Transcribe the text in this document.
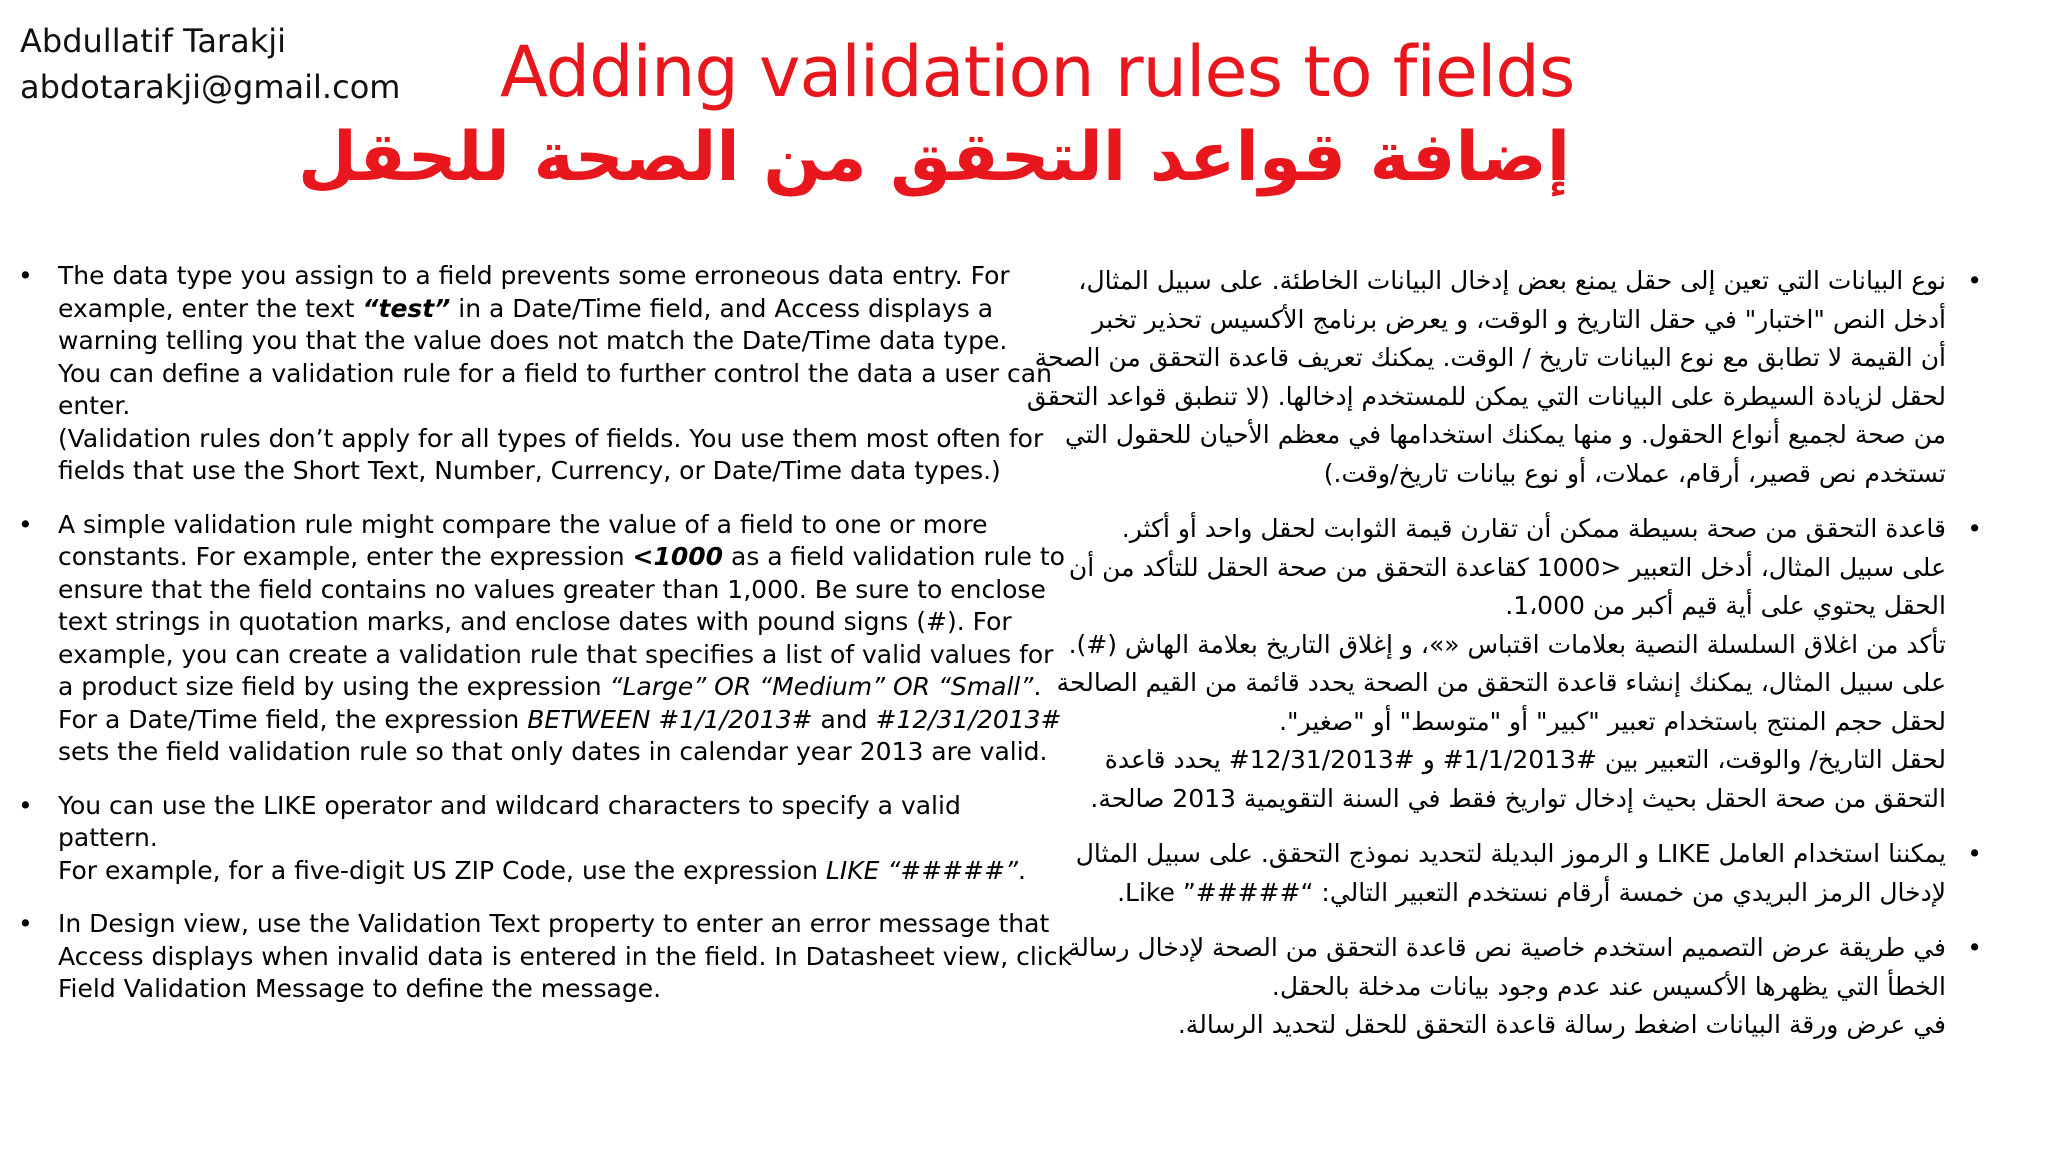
Abdullatif Tarakji
abdotarakji@gmail.com Adding validation rules to fields
إضافة قواعد التحقق من الصحة للحقل
• The data type you assign to a field prevents some erroneous data entry. For
example, enter the text “test” in a Date/Time field, and Access displays a
warning telling you that the value does not match the Date/Time data type.
You can define a validation rule for a field to further control the data a user can
enter.
(Validation rules don’t apply for all types of fields. You use them most often for
fields that use the Short Text, Number, Currency, or Date/Time data types.)
• A simple validation rule might compare the value of a field to one or more
constants. For example, enter the expression <1000 as a field validation rule to
ensure that the field contains no values greater than 1,000. Be sure to enclose
text strings in quotation marks, and enclose dates with pound signs (#). For
example, you can create a validation rule that specifies a list of valid values for
a product size field by using the expression “Large” OR “Medium” OR “Small”.
For a Date/Time field, the expression BETWEEN #1/1/2013# and #12/31/2013#
sets the field validation rule so that only dates in calendar year 2013 are valid.
• You can use the LIKE operator and wildcard characters to specify a valid
pattern.
For example, for a five-digit US ZIP Code, use the expression LIKE “#####”.
• In Design view, use the Validation Text property to enter an error message that
Access displays when invalid data is entered in the field. In Datasheet view, click
Field Validation Message to define the message.
•
نوع البيانات التي تعين إلى حقل يمنع بعض إدخال البيانات الخاطئة. على سبيل المثال،
أدخل النص "اختبار" في حقل التاريخ و الوقت، و يعرض برنامج الأكسيس تحذير تخبر
أن القيمة لا تطابق مع نوع البيانات تاريخ / الوقت. يمكنك تعريف قاعدة التحقق من الصحة
لحقل لزيادة السيطرة على البيانات التي يمكن للمستخدم إدخالها. (لا تنطبق قواعد التحقق
من صحة لجميع أنواع الحقول. و منها يمكنك استخدامها في معظم الأحيان للحقول التي
تستخدم نص قصير، أرقام، عملات، أو نوع بيانات تاريخ/وقت.)
•
قاعدة التحقق من صحة بسيطة ممكن أن تقارن قيمة الثوابت لحقل واحد أو أكثر.
على سبيل المثال، أدخل التعبير <1000 كقاعدة التحقق من صحة الحقل للتأكد من أن
الحقل يحتوي على أية قيم أكبر من 1،000.
تأكد من اغلاق السلسلة النصية بعلامات اقتباس «»، و إغلاق التاريخ بعلامة الهاش (#).
على سبيل المثال، يمكنك إنشاء قاعدة التحقق من الصحة يحدد قائمة من القيم الصالحة
لحقل حجم المنتج باستخدام تعبير "كبير" أو "متوسط" أو "صغير".
لحقل التاريخ/ والوقت، التعبير بين #1/1/2013# و #12/31/2013# يحدد قاعدة
التحقق من صحة الحقل بحيث إدخال تواريخ فقط في السنة التقويمية 2013 صالحة.
•
يمكننا استخدام العامل LIKE و الرموز البديلة لتحديد نموذج التحقق. على سبيل المثال
لإدخال الرمز البريدي من خمسة أرقام نستخدم التعبير التالي: “#####” Like.
•
في طريقة عرض التصميم استخدم خاصية نص قاعدة التحقق من الصحة لإدخال رسالة
الخطأ التي يظهرها الأكسيس عند عدم وجود بيانات مدخلة بالحقل.
في عرض ورقة البيانات اضغط رسالة قاعدة التحقق للحقل لتحديد الرسالة.
